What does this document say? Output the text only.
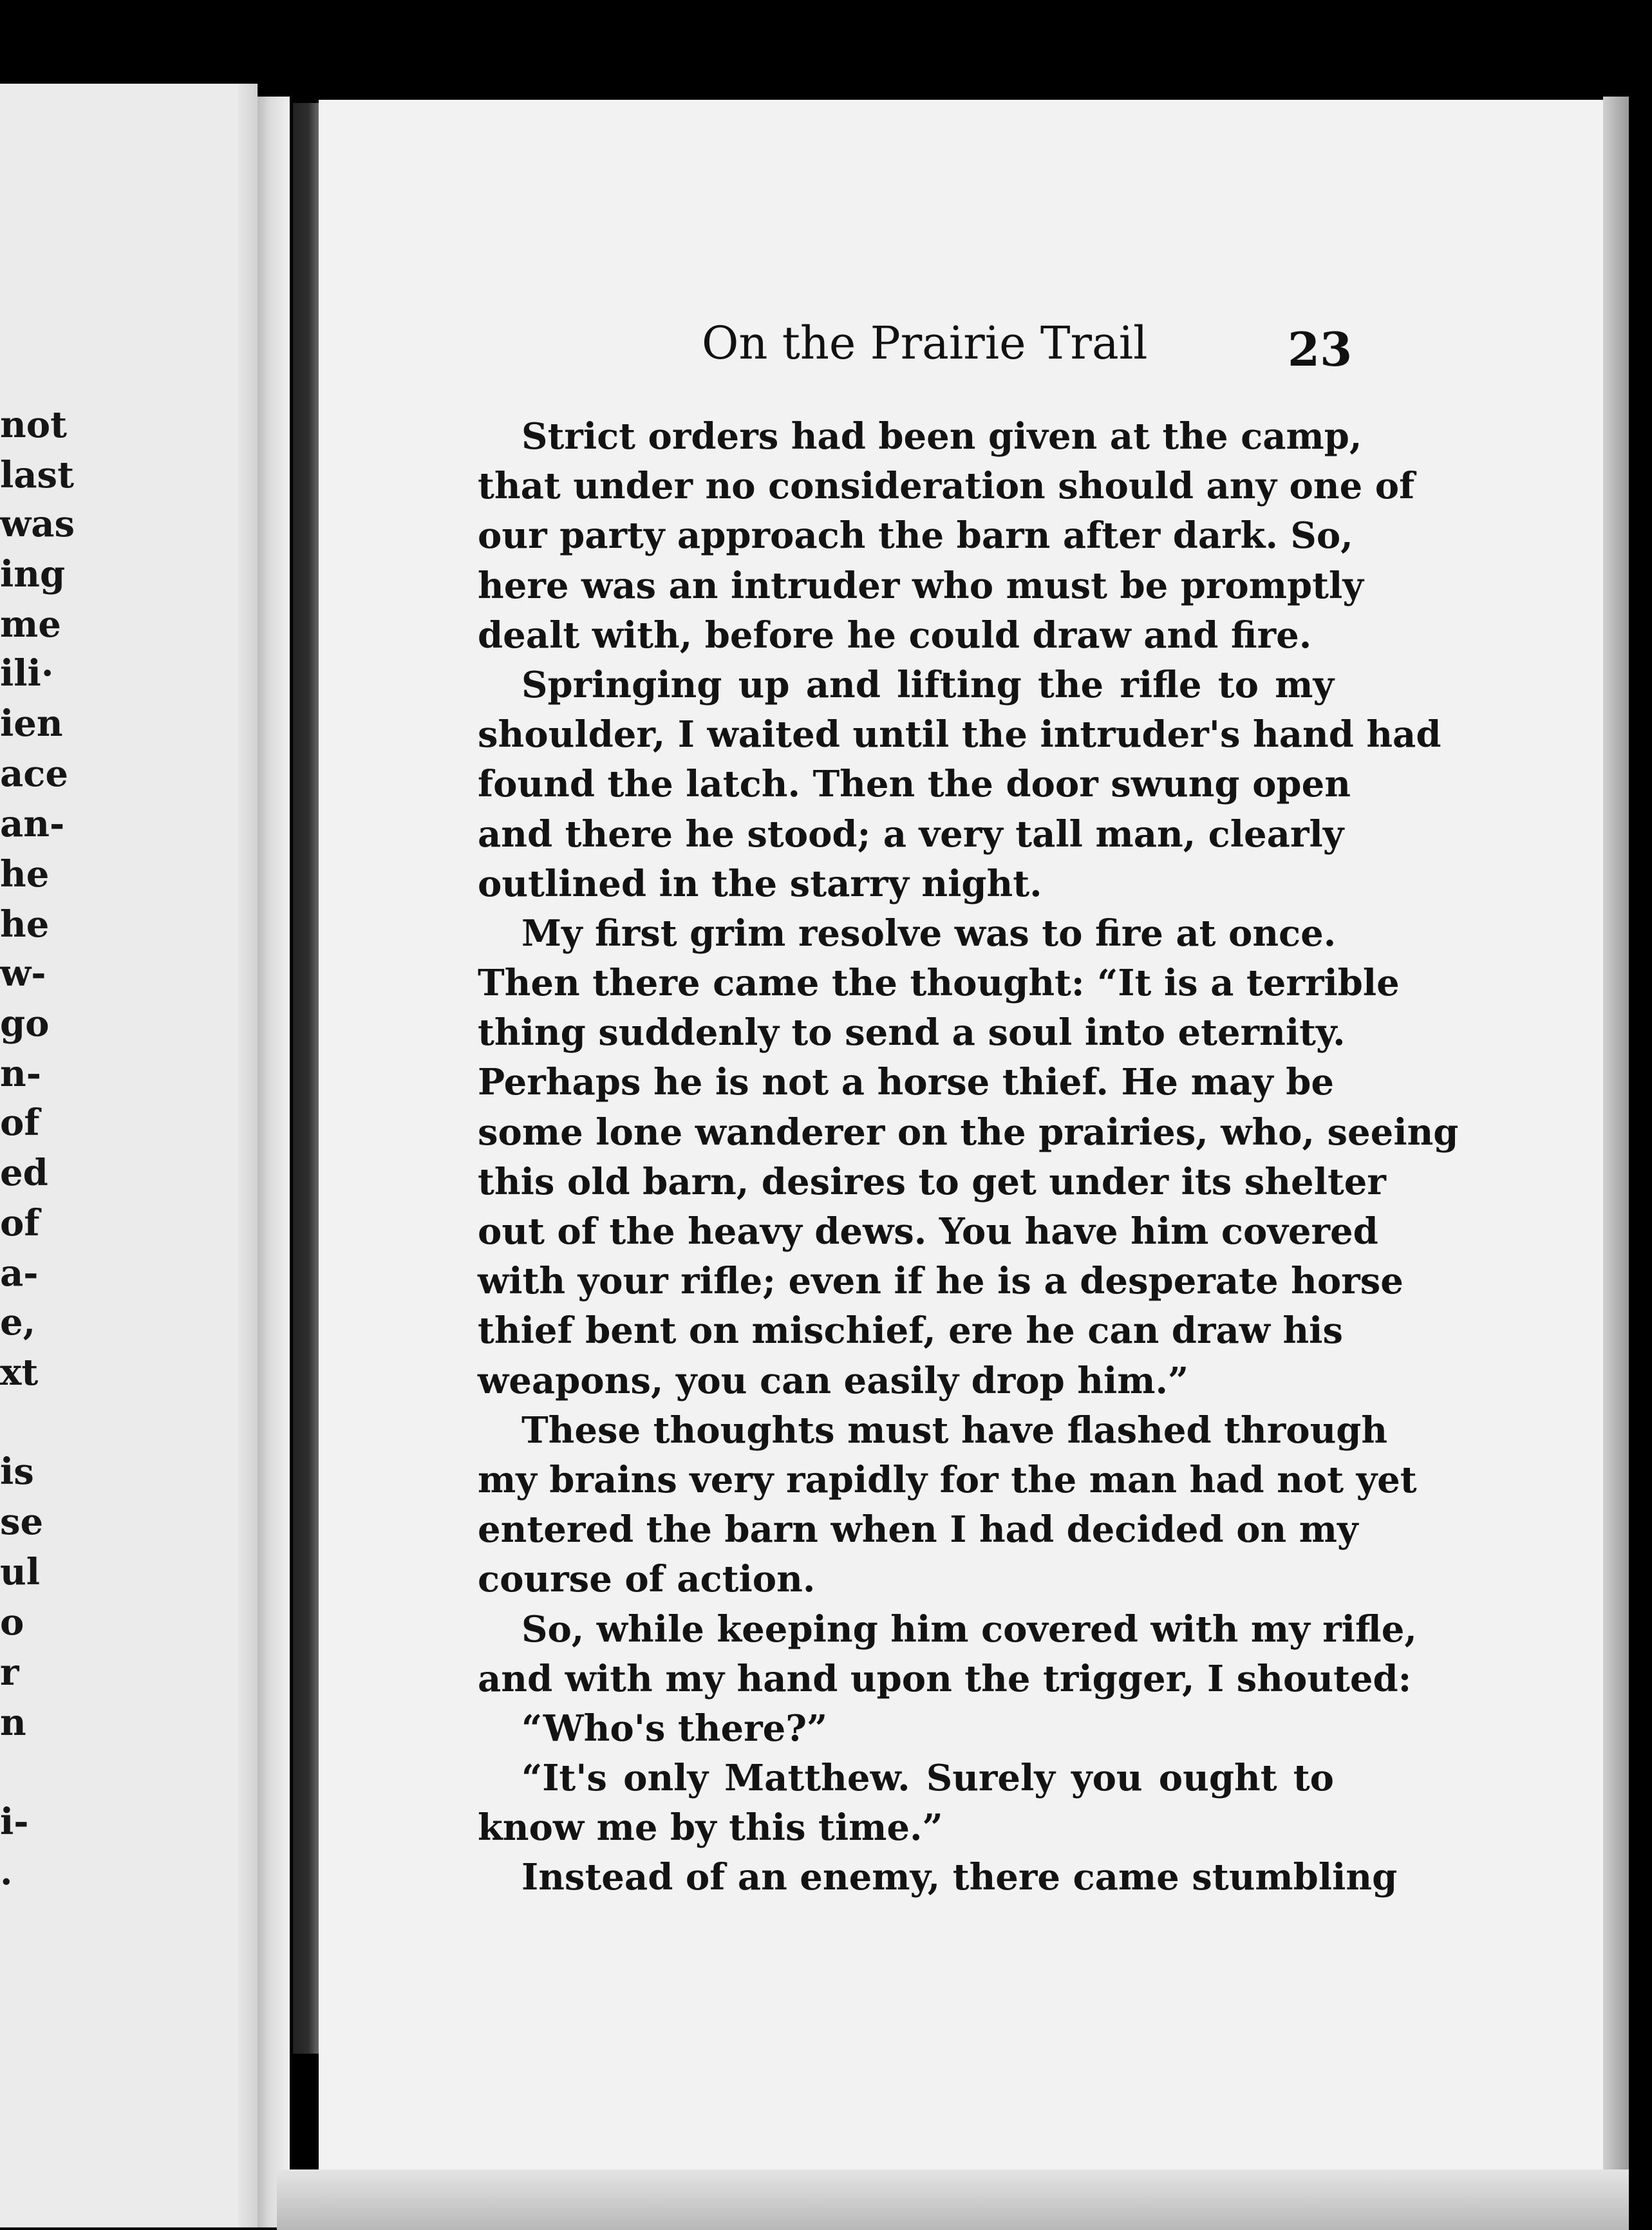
not
last
was
ing
me
ili·
ien
ace
an-
he
he
w-
go
n-
of
ed
of
a-
e,
xt
is
se
ul
o
r
n
i-
.
On the Prairie Trail	23
Strict orders had been given at the camp,
that under no consideration should any one of
our party approach the barn after dark. So,
here was an intruder who must be promptly
dealt with, before he could draw and fire.
Springing up and lifting the rifle to my
shoulder, I waited until the intruder's hand had
found the latch. Then the door swung open
and there he stood; a very tall man, clearly
outlined in the starry night.
My first grim resolve was to fire at once.
Then there came the thought: “It is a terrible
thing suddenly to send a soul into eternity.
Perhaps he is not a horse thief. He may be
some lone wanderer on the prairies, who, seeing
this old barn, desires to get under its shelter
out of the heavy dews. You have him covered
with your rifle; even if he is a desperate horse
thief bent on mischief, ere he can draw his
weapons, you can easily drop him.”
These thoughts must have flashed through
my brains very rapidly for the man had not yet
entered the barn when I had decided on my
course of action.
So, while keeping him covered with my rifle,
and with my hand upon the trigger, I shouted:
“Who's there?”
“It's only Matthew. Surely you ought to
know me by this time.”
Instead of an enemy, there came stumbling
